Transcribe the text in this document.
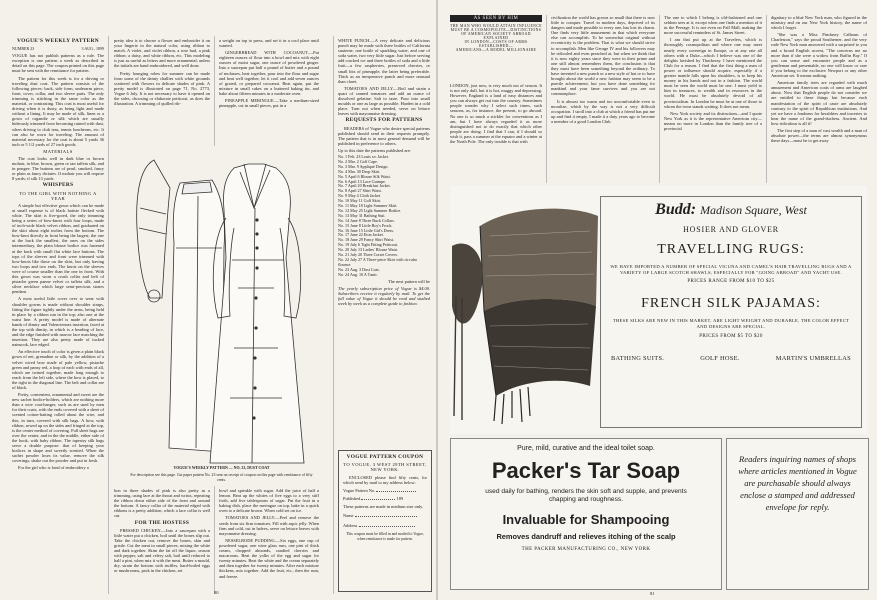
VOGUE'S WEEKLY PATTERN
NUMBER 23	3 AUG., 1899

VOGUE has not publish patterns as a rule. The exception is one pattern a week as described in detail on this page. The coupon printed on this page must be sent with the remittance for pattern.

The pattern for this week is for a driving or traveling dust coat. The pattern consists of the following pieces: back, side form, underarm piece, front, cover, collar, and two sleeve parts. The only trimming is stitching in the same color as the material, or contrasting. This coat is most useful for driving when it is dusty, as being light and made without a lining. It may be made of silk, linen or a gown of organdie or silk which are usually hideously trimmed from becoming ruined with dust, when driving to club teas, tennis luncheons, etc. It can also be worn for traveling. The amount of material necessary for the coat is about 5 yards 36 inch or 5 1/2 yards of 27 inch goods.

MATERIALS

The coat looks well in dark blue or brown mohair, in blue, brown, green or tan taffeta silk, and in pongee. The buttons are of pearl, smoked, fancy or plain as fancy dictates. If mohair you will require 8 yards; if silk 13 yards.

WHISPERS
TO THE GIRL WITH NOTHING A YEAR

A simple but effective gown which can be made at small expense is of black batiste flecked with white. The skirt is five-gored, the only trimming being a series of bow-knots with four loops, made of inch-wide black velvet ribbon, and graduated on the skirt about eight inches from the bottom. The bow-knot directly in front being the largest, the one at the back the smallest, the ones on the sides intermediary, the plain blouse bodice was fastened at the back with small flat white lace buttons. The tops of the sleeves and front were trimmed with bow-knots like those on the skirt, but only having two loops and two ends. The knots on the sleeves were of course smaller than the one in front. With this gown was worn a crush collar and belt of pistache green panne velvet or taffeta silk, and a silver necklace which large semi-precious stones pendant.

A most useful little cover over to wear with shoulder gowns is made without shoulder straps, fitting the figure tightly under the arms, being held in place by a ribbon run in the top; also one at the waist line. A pretty model is made of alternate bands of dimity and Valenciennes insertion, faced at the top with dimity, in which is a beading of lace, and the edge finished with narrow lace matching the insertion. They are also pretty made of tucked nainsook, lace edged.

An effective touch of color is given a plain black gown of net, grenadine or silk, by the addition of a velvet wired bow made of pale yellow, pistache green and pansy red, a loop of each with ends of all, which are twined together, made long enough to reach from the left side, where the bow is placed, to the right in the diagonal line. The belt and collar are of black.

Pretty, convenient, ornamental and sweet are the new sachet bodice-holders, which are nothing more than a wire coat-hanger, such as are used by men for their coats, with the ends covered with a sheet of scented cotton-batting rolled about the wire, and this, in turn, covered with silk bags. A bow, with ribbon, sewed up on the sides and fringed at the top, is the center method of covering. Full sheet bags are over the center, and in the the middle, either side of the hook, with baby ribbon. The tapestry silk bags serve a double purpose: that of keeping your bodices in shape and sweetly scented. When the sachet powder loses its value, remove the silk coverings, shake out the powder and put in fresh.

For the girl who is fond of embroidery a

pretty idea is to choose a flower and embroider it on your lingerie in the natural color, using ribbon to match. A violet, and violet ribbon, a rose bud, a pink ribbon; a daisy, and white ribbon, etc. This modeling is just as useful as letters and more ornamental, unless the initials are hand embroidered, and well done.

Pretty lounging robes for summer can be made from some of the dainty challies with white grounds scattered with flowers in delicate shades of pink. A pretty model is illustrated on page 71, No. 2773, Vogue 6 July. It is not necessary to have it opened on the sides, choosing or elaborate petticoat, as does the illustration. A trimming of quilled rib-

a weight on top to press, and set it in a cool place until wanted.

GINGERBREAD WITH COCOANUT.—Put eighteen ounces of flour into a bowl and mix with eight ounces of moist sugar, one ounce of powdered ginger. Into a saucepan put half a pound of butter and a pound of molasses, heat together, pour into the flour and sugar and beat well together, let it cool and add seven ounces of grated, or prepared cocoanut. Beat again, put the mixture in small cakes on a buttered baking tin, and bake about fifteen minutes in a moderate oven.

PINEAPPLE MERINGUE.—Take a medium-sized pineapple, cut in small pieces, put in a

VOGUE'S WEEKLY PATTERN — NO. 23, DUST COAT
For description see this page. Cut paper pattern No. 23 sent on receipt of coupon on this page with remittance of fifty cents.

bon in three shades of pink is also pretty as a trimming, using lace at the throat and wrists, repeating the ribbon down either side of the front and around the bottom. A fancy collar of the material edged with ribbons is a pretty addition, which a lace collar is well cut.

FOR THE HOSTESS

PRESSED CHICKEN.—Into a saucepan with a little water put a chicken, boil until the bones slip out. Take the chicken out, remove the bones, skin and gristle. Cut the meat in small pieces, mixing the white and dark together. Skim the fat off the liquor, season with pepper, salt and celery salt, boil until reduced to half a pint, when mix it with the meat. Butter a mould, dry, strain the bottom with truffles, hard-boiled eggs or mushrooms, pack in the chicken, set

bowl and sprinkle with sugar. Add the juice of half a lemon. Beat up the whites of five eggs to a very stiff froth, add five tablespoons of sugar. Put the fruit in a baking dish, place the meringue on top, bake in a quick oven to a delicate brown. When cold set on ice.

TOMATOES AND JELLY.—Peel and remove the seeds from six firm tomatoes. Fill with aspic jelly. When firm and cold, cut in halves, serve on lettuce leaves with mayonnaise dressing.

NESSELRODE PUDDING.—Six eggs, one cup of powdered sugar, one wine glass rum, one pint of thick cream, chopped almonds, candied cherries and macaroons. Beat the yolks of the egg and sugar for twenty minutes. Beat the white and the cream separately and then together for twenty minutes. After each mixture thickens, mix together. Add the fruit, etc., then the rum, and freeze.

WHITE PUNCH.—A very delicate and delicious punch may be made with three bottles of California sauterne, one bottle of sparkling water, and one of soda water, two very little sugar. Just before serving add cracked ice and three bottles of soda and a little fruit—a few raspberries, preserved cherries, or small bits of pineapple, the latter being preferable. Thick as an inexpensive punch and more unusual than claret.

TOMATOES AND JELLY.—Boil and strain a quart of canned tomatoes and add an ounce of dissolved gelatine. Salt to taste. Pour into small moulds or one as large as possible. Harden in a cold place. Turn out when needed, serve on lettuce leaves with mayonnaise dressing.

REQUESTS FOR PATTERNS

READERS of Vogue who desire special patterns published should send in their requests promptly. The pattern that is in most general demand will be published in preference to others.

Up to this date the patterns published are:

No. 1 Feb. 23 Louis xv. Jacket.
No. 2 Mar. 2 Golf Cape.
No. 3 Mar. 9 Appliqué Design.
No. 4 Mar. 30 Drop Skirt.
No. 5 April 6 Blouse Silk Waist.
No. 6 April 13 Lace Guimpe.
No. 7 April 20 Breakfast Jacket.
No. 8 April 27 Shirt Waist.
No. 9 May 4 Cloth Jacket.
No. 10 May 11 Golf Skirt.
No. 11 May 18 Light Summer Skirt.
No. 12 May 25 Light Summer Bodice.
No. 13 May 31 Bathing Suit.
No. 14 June 8 Three Buck Collars.
No. 15 June 8 Little Boy's Frock.
No. 16 June 15 Little Girl's Dress.
No. 17 June 22 Eton Jacket.
No. 18 June 29 Fancy Shirt Waist.
No. 19 July 6 Tight Fitting Petticoat.
No. 20 July 13 Ladies' Blouse Waist.
No. 21 July 20 Three Corset Covers.
No. 22 July 27 A Three-piece Skirt with circular flounce.
No. 23 Aug. 3 Dust Coat.
No. 24 Aug. 10 A Tunic.

The next pattern will be

The yearly subscription price of Vogue is $4.00. Subscribers receive it regularly by mail. To get the full value of Vogue it should be read and studied week by week as a complete guide to fashion.

VOGUE PATTERN COUPON
TO VOGUE, 3 WEST 29TH STREET,
NEW YORK.

ENCLOSED please find fifty cents, for which send by mail to my address below:

Vogue Pattern No.
Published	189

These patterns are made in medium size only.

Name
Address

This coupon must be filled in and mailed to Vogue, when remittance is made for pattern.

80
AS SEEN BY HIM
THE MAN WHO WOULD ATTAIN INFLUENCE
MUST BE A COSMOPOLITE—DISTINCTIONS
OF AMERICAN SOCIETY ABROAD EXPLAINED
IN LONDON—COSTS OF ARMS ESTABLISHED—
AMERICANS—A MODEL MILLIONAIRE

LONDON, just now, is very much out of season. It is not only dull, but it is hot, muggy and depressing. However, England is a land of easy distances and you can always get out into the country. Sometimes people wonder why I select such times, such seasons, as, for instance, the present, to go abroad. No one is so much a stickler for conventions as I am, but I have always regarded it as more distinguished not to do exactly that which other people are doing. I find that I can, if I should so wish it, pass a summer at the equator and a winter at the North Pole. The only trouble is that with

civilization the world has grown so small that there is now little to conquer. Travel in modern days, deprived of its dangers and made possible to every one, has lost its charm. One finds very little amusement in that which everyone else can accomplish. To be somewhat original without eccentricity is the problem. That is what we should strive to accomplish. Men like George IV and his followers may be ridiculed and even preached at, but when we think that it is now eighty years since they were in their prime and one still almost remembers them, the conclusion is that they must have been something beyond the ordinary. To have invented a new punch or a new style of hat or to have brought about the world a new fashion may seem to be a puerile achievement, but you have done something for mankind and your fame survives and you are not commonplace.

It is almost too warm and too uncomfortable even to moralize, which by the way is not a very difficult occupation. I stroll into a club at which a friend has put me up and find it empty. I made it a duty years ago to become a member of a good London Club.

The one to which I belong is old-fashioned and one seldom sees at it, except when one finds a mention of it in the Peerage. It is not even on Pall Mall, making the more successful reminders of St. James Street.

I am that put up at the Travelers, which is thoroughly cosmopolitan and where one may meet nearly every sovereign in Europe, or at any rate all others with a Duke—which I believe was one of the delights lavished by Thackeray. I have mentioned the Club for a reason. I find that the first thing a man of power or influence should acquire, especially if a greater mantle falls upon his shoulders, is to keep his money in his hands and not in a fashion. The world must be seen the world must be one. I must yield to him in treasures, to wealth and in resources in the world. He must be absolutely devoid of all provincialism. In London he must be at one of those to whom the town stands waiting. It does not mean.

New York society and its distinctions—and I quote New York as it is the representative American city—means no more in London than the family tree of a provincial

dignitary to a blué New York man, who figured in the ministry and on our New York history, the name of which I forget.

"She was a Miss Pinckney Calhoun of Charleston," says the proud Southerner, and the very rude New York man answered with a surprised to you and a broad English accent, "The concerns me no more than if she were a widow from Baffin Bay." If you can sense and encounter people and as a gentleman and presentable, no one will know or care if you belong to the exclusive Newport or any other American set. It means nothing.

American family trees are regarded with much amusement and American coats of arms are laughed about. Now that English people do not consider we are entitled to these things but because each manifestation of the spirit of caste are absolutely contrary to the spirit of Republican institutions. And yet we have a fondness for heraldries and traceries to bear the name of the grand-duchess. Ancient. And how ridiculous is all it!

The first step of a man of vast wealth and a man of absolute power—the terms are almost synonymous these days—must be to get away

Budd: Madison Square, West
HOSIER AND GLOVER
TRAVELLING RUGS:
WE HAVE IMPORTED A NUMBER OF SPECIAL VICUNA AND CAMEL'S HAIR TRAVELLING RUGS AND A VARIETY OF LARGE SCOTCH SHAWLS, ESPECIALLY FOR "GOING ABROAD" AND YACHT USE.
PRICES RANGE FROM $10 TO $25
FRENCH SILK PAJAMAS:
THESE SILKS ARE NEW IN THIS MARKET, ARE LIGHT WEIGHT AND DURABLE, THE COLOR EFFECT AND DESIGNS ARE SPECIAL.
PRICES FROM $5 TO $20
BATHING SUITS.	GOLF HOSE.	MARTIN'S UMBRELLAS
Pure, mild, curative and the ideal toilet soap.
Packer's Tar Soap
used daily for bathing, renders the skin soft and supple, and prevents chapping and roughness.
Invaluable for Shampooing
Removes dandruff and relieves itching of the scalp
THE PACKER MANUFACTURING CO., NEW YORK
Readers inquiring names of shops where articles mentioned in Vogue are purchasable should always enclose a stamped and addressed envelope for reply.
81
